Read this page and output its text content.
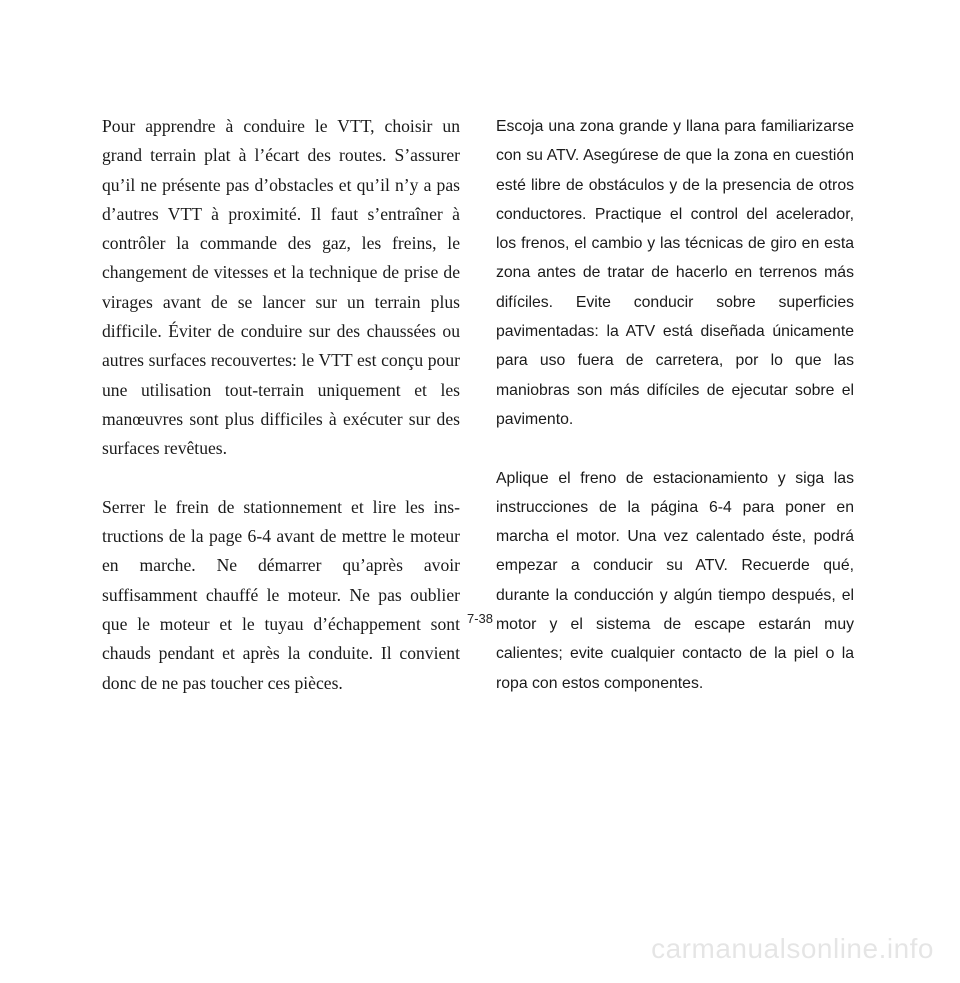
Pour apprendre à conduire le VTT, choisir un grand terrain plat à l’écart des routes. S’assurer qu’il ne présente pas d’obstacles et qu’il n’y a pas d’autres VTT à proximité. Il faut s’entraîner à contrôler la commande des gaz, les freins, le changement de vitesses et la technique de prise de virages avant de se lancer sur un terrain plus difficile. Éviter de conduire sur des chaussées ou autres surfaces recouvertes: le VTT est conçu pour une utilisation tout-terrain uniquement et les manœuvres sont plus difficiles à exécuter sur des surfaces revêtues.

Serrer le frein de stationnement et lire les instructions de la page 6-4 avant de mettre le moteur en marche. Ne démarrer qu’après avoir suffisamment chauffé le moteur. Ne pas oublier que le moteur et le tuyau d’échappement sont chauds pendant et après la conduite. Il convient donc de ne pas toucher ces pièces.

Escoja una zona grande y llana para familiarizarse con su ATV. Asegúrese de que la zona en cuestión esté libre de obstáculos y de la presencia de otros conductores. Practique el control del acelerador, los frenos, el cambio y las técnicas de giro en esta zona antes de tratar de hacerlo en terrenos más difíciles. Evite conducir sobre superficies pavimentadas: la ATV está diseñada únicamente para uso fuera de carretera, por lo que las maniobras son más difíciles de ejecutar sobre el pavimento.

Aplique el freno de estacionamiento y siga las instrucciones de la página 6-4 para poner en marcha el motor. Una vez calentado éste, podrá empezar a conducir su ATV. Recuerde qué, durante la conducción y algún tiempo después, el motor y el sistema de escape estarán muy calientes; evite cualquier contacto de la piel o la ropa con estos componentes.

7-38
carmanualsonline.info
